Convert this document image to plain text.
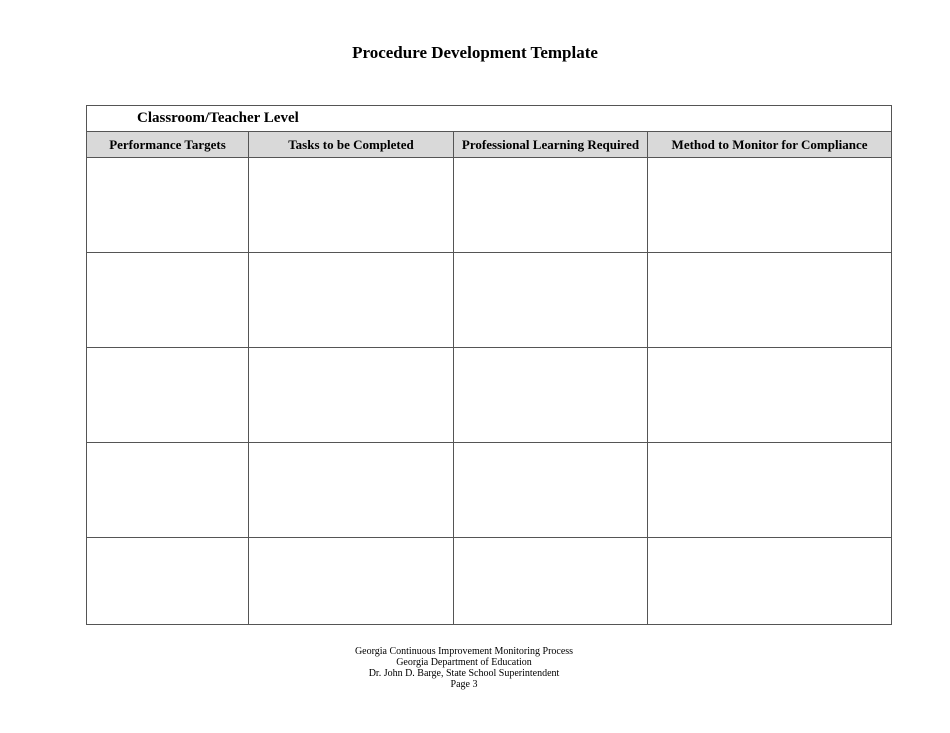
Procedure Development Template
Classroom/Teacher Level			
Performance Targets	Tasks to be Completed	Professional Learning Required	Method to Monitor for Compliance

Georgia Continuous Improvement Monitoring Process
Georgia Department of Education
Dr. John D. Barge, State School Superintendent
Page 3
